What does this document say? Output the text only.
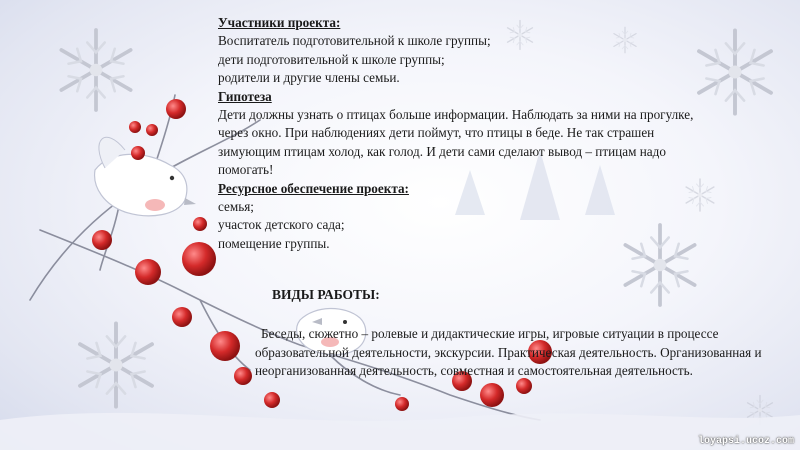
Участники проекта:
Воспитатель подготовительной к школе группы;
дети подготовительной к школе группы;
родители и другие члены семьи.
Гипотеза
Дети должны узнать о птицах больше информации. Наблюдать за ними на прогулке,
через окно. При наблюдениях дети поймут, что птицы в беде. Не так страшен
зимующим птицам холод, как голод. И дети сами сделают вывод – птицам надо
помогать!
Ресурсное обеспечение проекта:
семья;
участок детского сада;
помещение группы.
ВИДЫ РАБОТЫ:
Беседы, сюжетно – ролевые и дидактические игры, игровые ситуации в процессе образовательной деятельности, экскурсии. Практическая деятельность. Организованная и неорганизованная деятельность, совместная и самостоятельная деятельность.
loyapsi.ucoz.com
